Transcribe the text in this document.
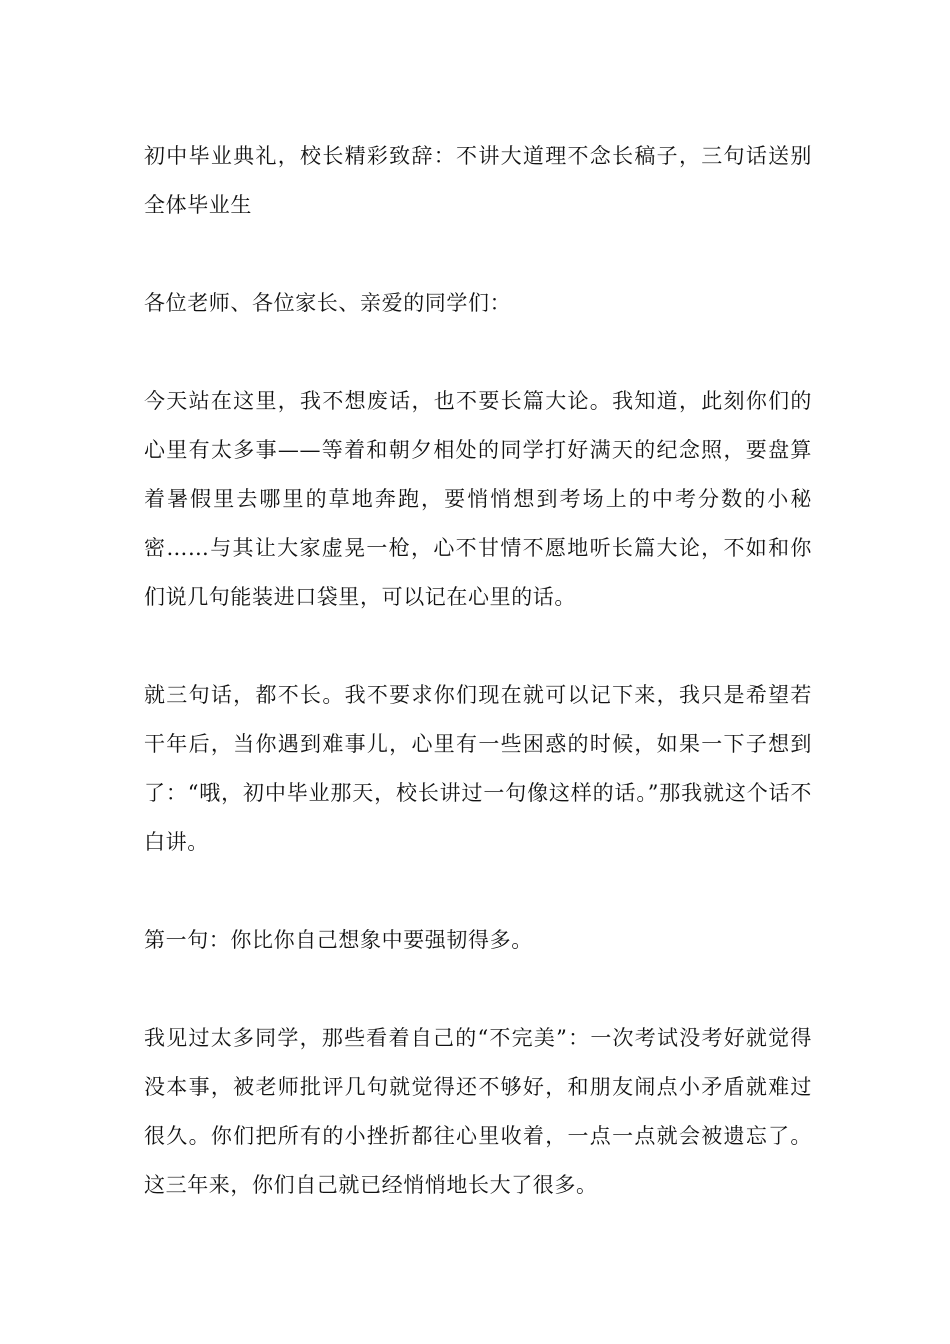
初中毕业典礼，校长精彩致辞：不讲大道理不念长稿子，三句话送别全体毕业生

各位老师、各位家长、亲爱的同学们：

今天站在这里，我不想废话，也不要长篇大论。我知道，此刻你们的心里有太多事——等着和朝夕相处的同学打好满天的纪念照，要盘算着暑假里去哪里的草地奔跑，要悄悄想到考场上的中考分数的小秘密……与其让大家虚晃一枪，心不甘情不愿地听长篇大论，不如和你们说几句能装进口袋里，可以记在心里的话。

就三句话，都不长。我不要求你们现在就可以记下来，我只是希望若干年后，当你遇到难事儿，心里有一些困惑的时候，如果一下子想到了：“哦，初中毕业那天，校长讲过一句像这样的话。”那我就这个话不白讲。

第一句：你比你自己想象中要强韧得多。

我见过太多同学，那些看着自己的“不完美”：一次考试没考好就觉得没本事，被老师批评几句就觉得还不够好，和朋友闹点小矛盾就难过很久。你们把所有的小挫折都往心里收着，一点一点就会被遗忘了。这三年来，你们自己就已经悄悄地长大了很多。
